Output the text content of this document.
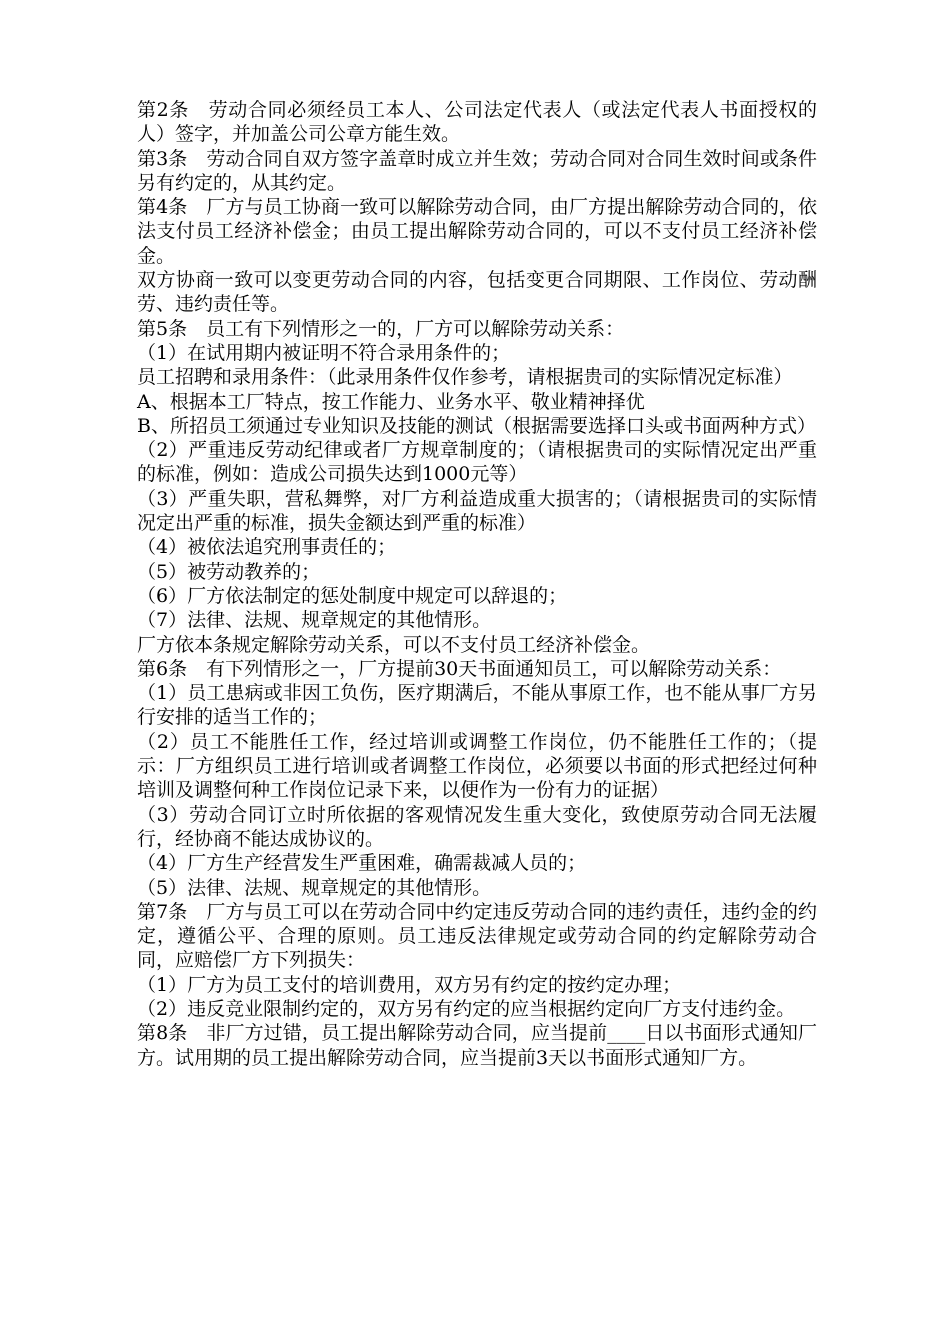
第2条　劳动合同必须经员工本人、公司法定代表人（或法定代表人书面授权的人）签字，并加盖公司公章方能生效。

第3条　劳动合同自双方签字盖章时成立并生效；劳动合同对合同生效时间或条件另有约定的，从其约定。

第4条　厂方与员工协商一致可以解除劳动合同，由厂方提出解除劳动合同的，依法支付员工经济补偿金；由员工提出解除劳动合同的，可以不支付员工经济补偿金。

双方协商一致可以变更劳动合同的内容，包括变更合同期限、工作岗位、劳动酬劳、违约责任等。

第5条　员工有下列情形之一的，厂方可以解除劳动关系：

（1）在试用期内被证明不符合录用条件的；

员工招聘和录用条件：（此录用条件仅作参考，请根据贵司的实际情况定标准）

A、根据本工厂特点，按工作能力、业务水平、敬业精神择优

B、所招员工须通过专业知识及技能的测试（根据需要选择口头或书面两种方式）

（2）严重违反劳动纪律或者厂方规章制度的；（请根据贵司的实际情况定出严重的标准，例如：造成公司损失达到1000元等）

（3）严重失职，营私舞弊，对厂方利益造成重大损害的；（请根据贵司的实际情况定出严重的标准，损失金额达到严重的标准）

（4）被依法追究刑事责任的；

（5）被劳动教养的；

（6）厂方依法制定的惩处制度中规定可以辞退的；

（7）法律、法规、规章规定的其他情形。

厂方依本条规定解除劳动关系，可以不支付员工经济补偿金。

第6条　有下列情形之一，厂方提前30天书面通知员工，可以解除劳动关系：

（1）员工患病或非因工负伤，医疗期满后，不能从事原工作，也不能从事厂方另行安排的适当工作的；

（2）员工不能胜任工作，经过培训或调整工作岗位，仍不能胜任工作的；（提示：厂方组织员工进行培训或者调整工作岗位，必须要以书面的形式把经过何种培训及调整何种工作岗位记录下来，以便作为一份有力的证据）

（3）劳动合同订立时所依据的客观情况发生重大变化，致使原劳动合同无法履行，经协商不能达成协议的。

（4）厂方生产经营发生严重困难，确需裁减人员的；

（5）法律、法规、规章规定的其他情形。

第7条　厂方与员工可以在劳动合同中约定违反劳动合同的违约责任，违约金的约定，遵循公平、合理的原则。员工违反法律规定或劳动合同的约定解除劳动合同，应赔偿厂方下列损失：

（1）厂方为员工支付的培训费用，双方另有约定的按约定办理；

（2）违反竞业限制约定的，双方另有约定的应当根据约定向厂方支付违约金。

第8条　非厂方过错，员工提出解除劳动合同，应当提前____日以书面形式通知厂方。试用期的员工提出解除劳动合同，应当提前3天以书面形式通知厂方。
